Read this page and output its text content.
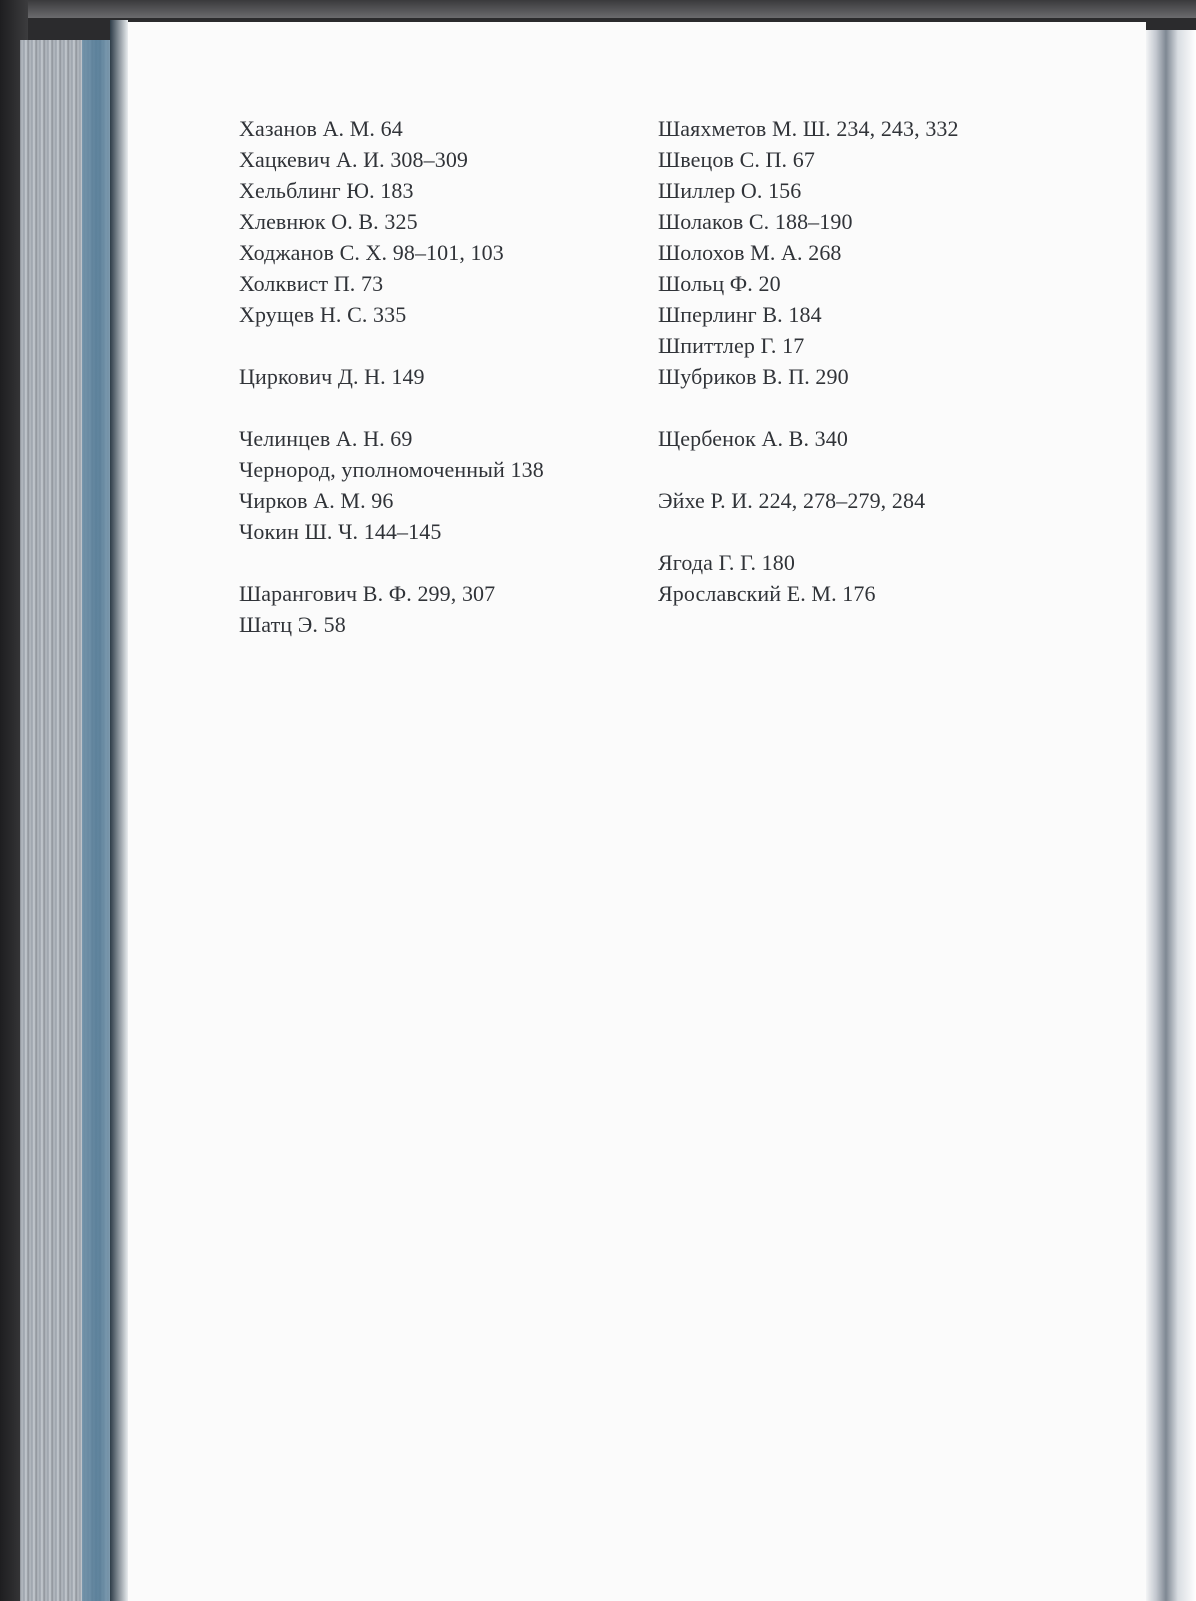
Хазанов А. М. 64
Хацкевич А. И. 308–309
Хельблинг Ю. 183
Хлевнюк О. В. 325
Ходжанов С. Х. 98–101, 103
Холквист П. 73
Хрущев Н. С. 335
Циркович Д. Н. 149
Челинцев А. Н. 69
Чернород, уполномоченный 138
Чирков А. М. 96
Чокин Ш. Ч. 144–145
Шарангович В. Ф. 299, 307
Шатц Э. 58
Шаяхметов М. Ш. 234, 243, 332
Швецов С. П. 67
Шиллер О. 156
Шолаков С. 188–190
Шолохов М. А. 268
Шольц Ф. 20
Шперлинг В. 184
Шпиттлер Г. 17
Шубриков В. П. 290
Щербенок А. В. 340
Эйхе Р. И. 224, 278–279, 284
Ягода Г. Г. 180
Ярославский Е. М. 176
